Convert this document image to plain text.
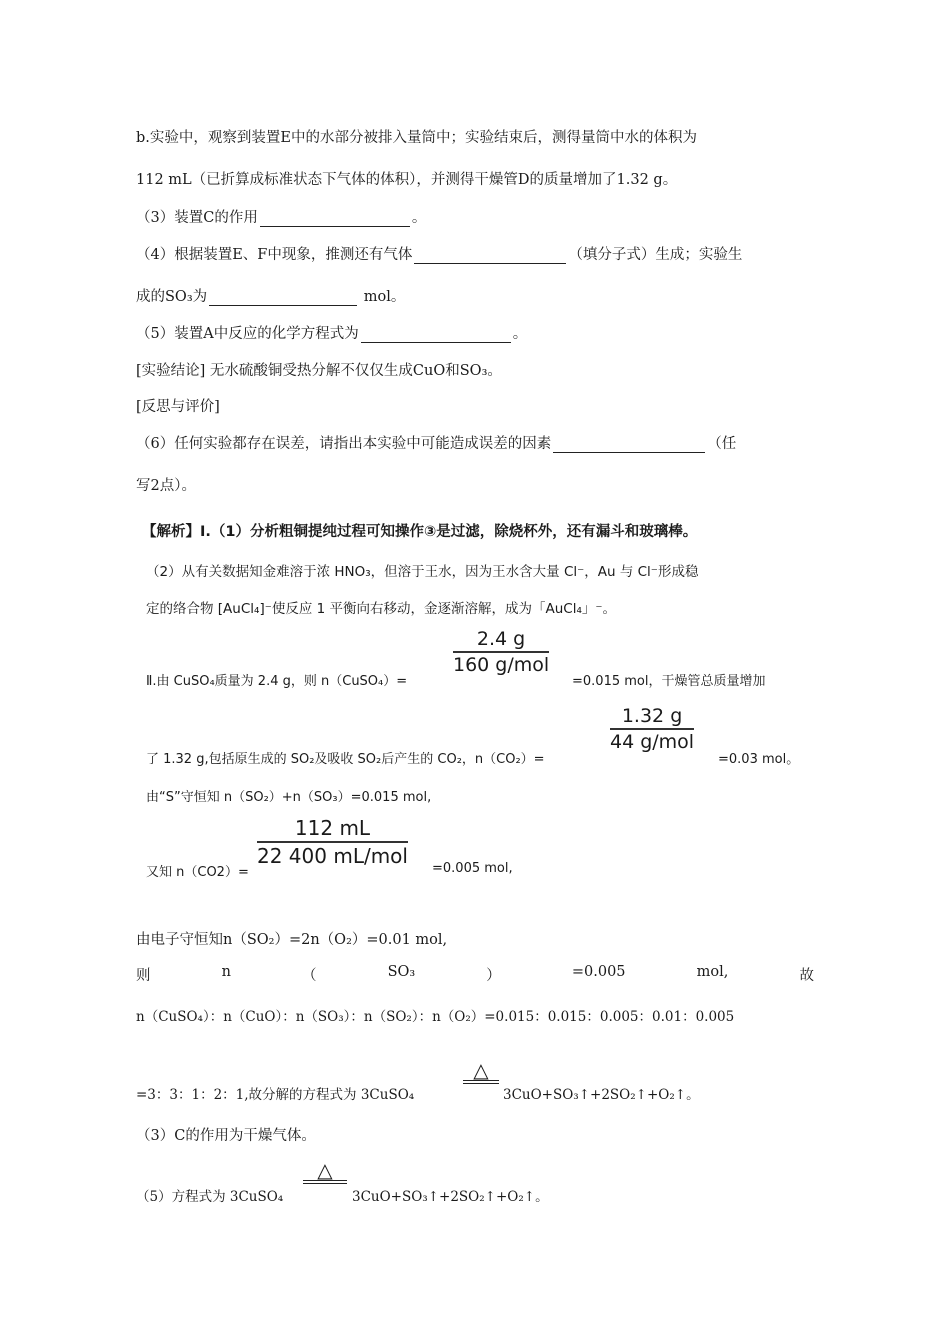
b.实验中，观察到装置E中的水部分被排入量筒中；实验结束后，测得量筒中水的体积为
112 mL（已折算成标准状态下气体的体积），并测得干燥管D的质量增加了1.32 g。
（3）装置C的作用	。
（4）根据装置E、F中现象，推测还有气体	（填分子式）生成；实验生
成的SO₃为	mol。
（5）装置A中反应的化学方程式为	。
[实验结论] 无水硫酸铜受热分解不仅仅生成CuO和SO₃。
[反思与评价]
（6）任何实验都存在误差，请指出本实验中可能造成误差的因素	（任
写2点）。
【解析】Ⅰ.（1）分析粗铜提纯过程可知操作③是过滤，除烧杯外，还有漏斗和玻璃棒。
（2）从有关数据知金难溶于浓 HNO₃，但溶于王水，因为王水含大量 Cl⁻，Au 与 Cl⁻形成稳
定的络合物 [AuCl₄]⁻使反应 1 平衡向右移动，金逐渐溶解，成为「AuCl₄」⁻。
2.4 g
160 g/mol
Ⅱ.由 CuSO₄质量为 2.4 g，则 n（CuSO₄）=	=0.015 mol，干燥管总质量增加
1.32 g
44 g/mol
了 1.32 g,包括原生成的 SO₂及吸收 SO₂后产生的 CO₂，n（CO₂）=	=0.03 mol。
由“S”守恒知 n（SO₂）+n（SO₃）=0.015 mol,
112 mL
22 400 mL/mol
又知 n（CO2）=	=0.005 mol,
由电子守恒知n（SO₂）=2n（O₂）=0.01 mol,
则	n	（	SO₃	）	=0.005	mol,	故
n（CuSO₄）：n（CuO）：n（SO₃）：n（SO₂）：n（O₂）=0.015：0.015：0.005：0.01：0.005
=3：3：1：2：1,故分解的方程式为 3CuSO₄
△
3CuO+SO₃↑+2SO₂↑+O₂↑。
（3）C的作用为干燥气体。
（5）方程式为 3CuSO₄
△
3CuO+SO₃↑+2SO₂↑+O₂↑。
